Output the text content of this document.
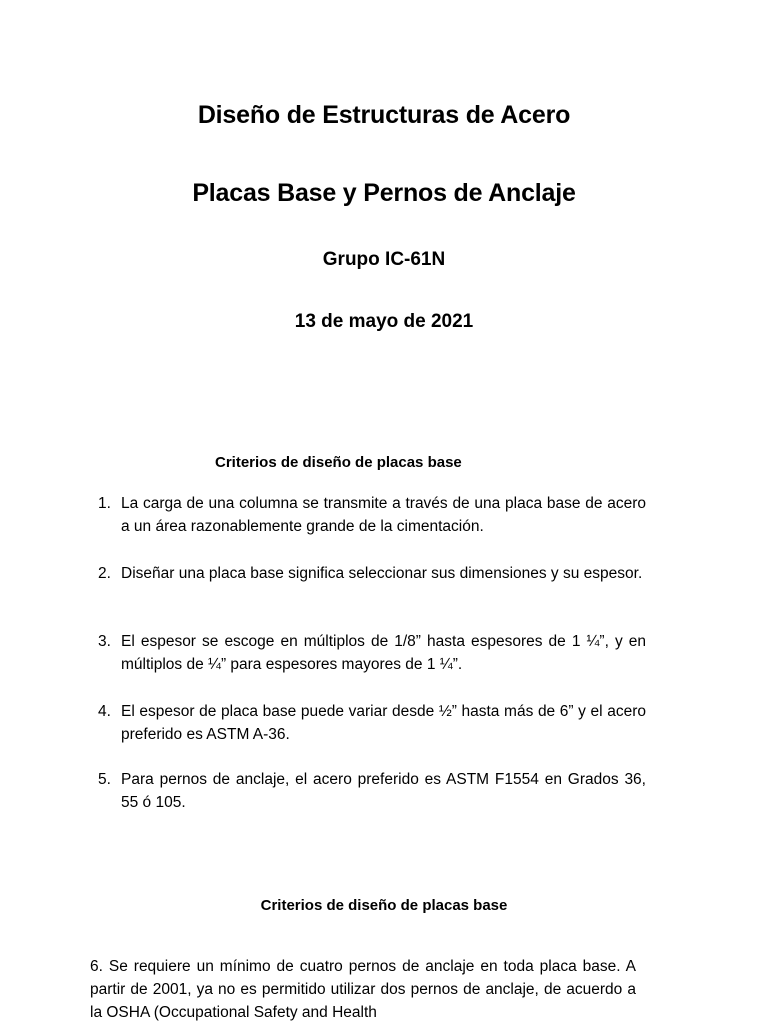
Diseño de Estructuras de Acero
Placas Base y Pernos de Anclaje
Grupo IC-61N
13 de mayo de 2021
Criterios de diseño de placas base
1. La carga de una columna se transmite a través de una placa base de acero a un área razonablemente grande de la cimentación.
2. Diseñar una placa base significa seleccionar sus dimensiones y su espesor.
3. El espesor se escoge en múltiplos de 1/8” hasta espesores de 1 ¼”, y en múltiplos de ¼” para espesores mayores de 1 ¼”.
4. El espesor de placa base puede variar desde ½” hasta más de 6” y el acero preferido es ASTM A-36.
5. Para pernos de anclaje, el acero preferido es ASTM F1554 en Grados 36, 55 ó 105.
Criterios de diseño de placas base
6. Se requiere un mínimo de cuatro pernos de anclaje en toda placa base. A partir de 2001, ya no es permitido utilizar dos pernos de anclaje, de acuerdo a la OSHA (Occupational Safety and Health
